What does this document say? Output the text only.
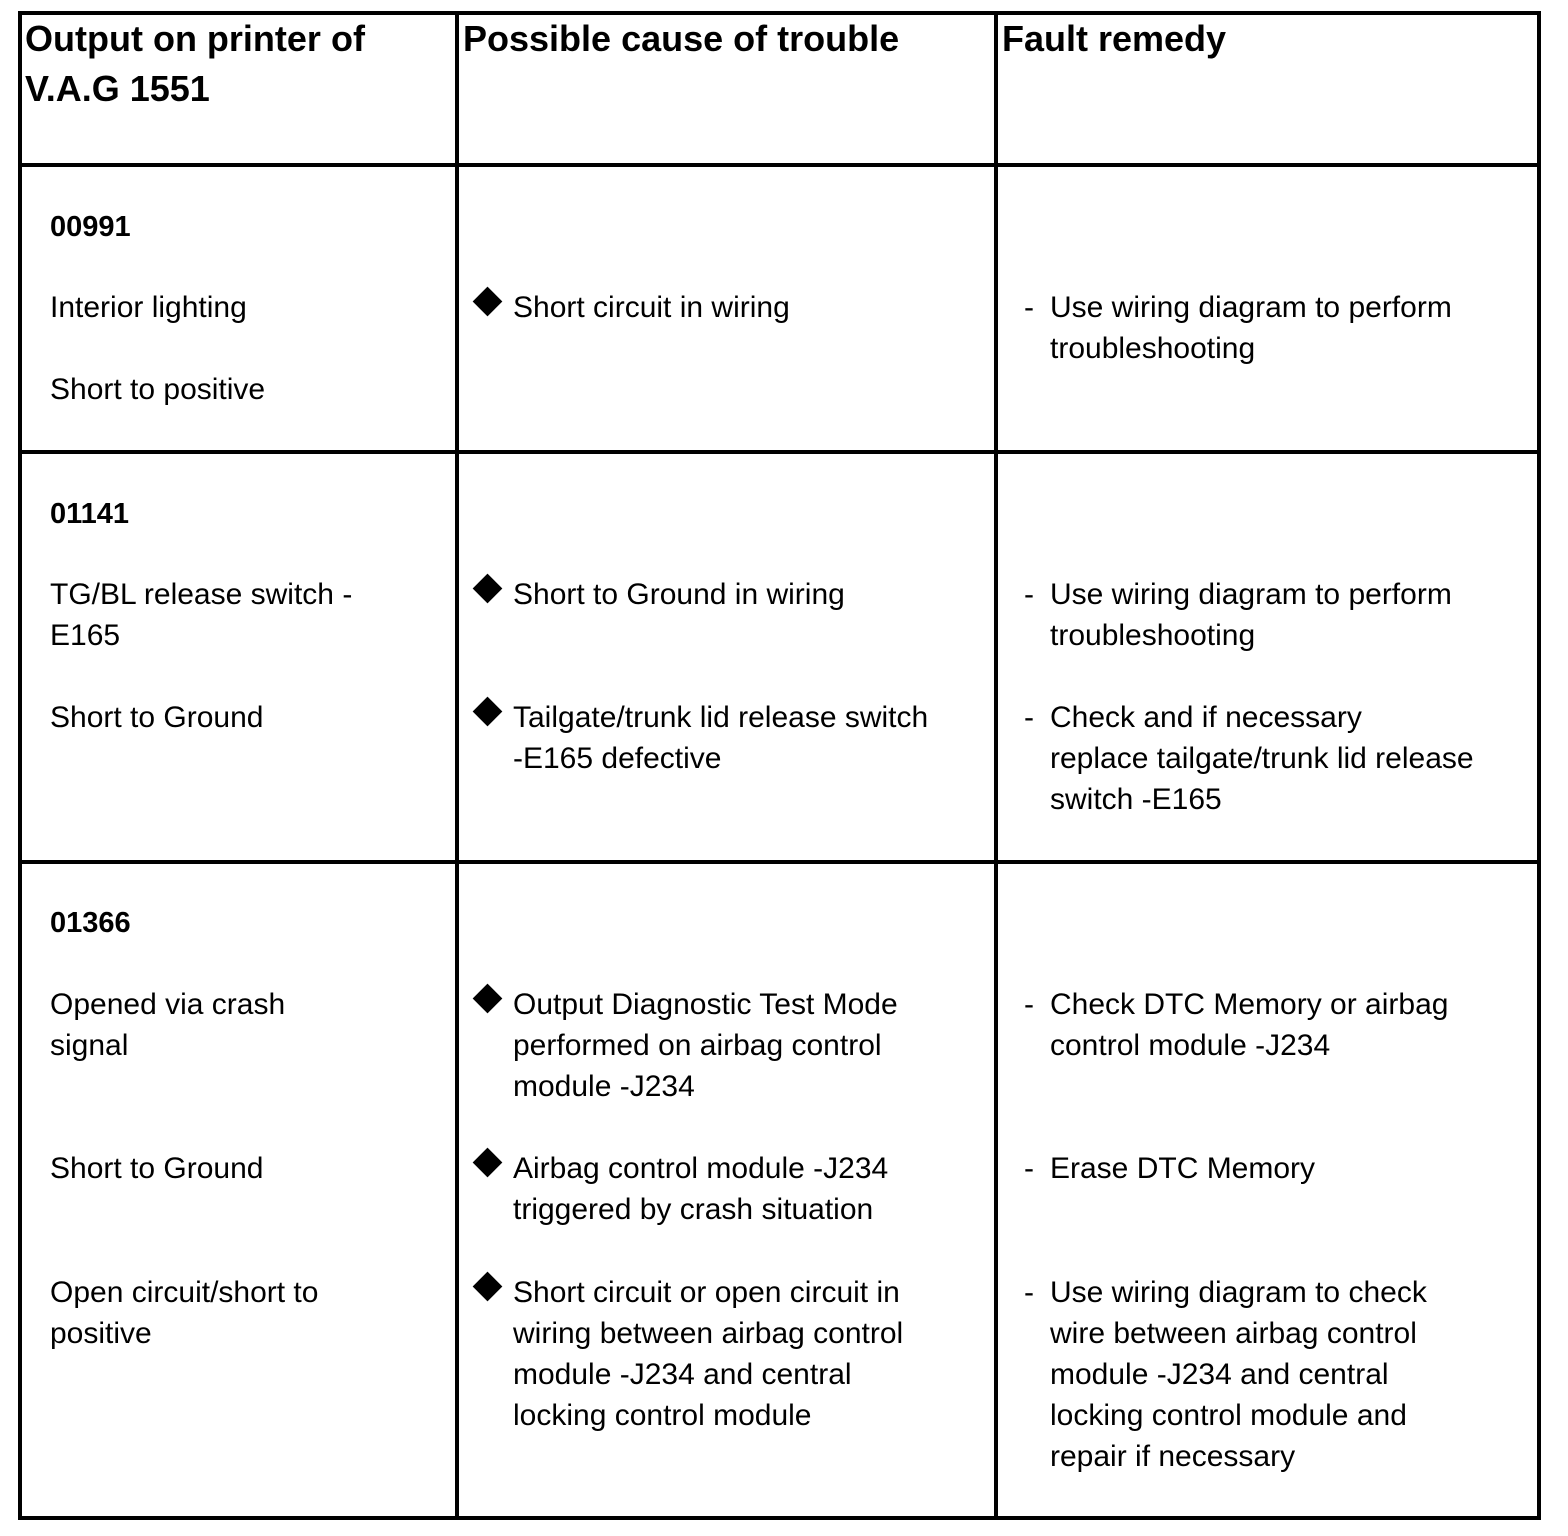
Output on printer of
V.A.G 1551
Possible cause of trouble	Fault remedy
00991
Interior lighting
Short to positive
Short circuit in wiring	- Use wiring diagram to perform
troubleshooting
01141
TG/BL release switch -
E165
Short to Ground
Short to Ground in wiring
Tailgate/trunk lid release switch
-E165 defective
- Use wiring diagram to perform
troubleshooting
- Check and if necessary
replace tailgate/trunk lid release
switch -E165
01366
Opened via crash
signal
Short to Ground
Open circuit/short to
positive
Output Diagnostic Test Mode
performed on airbag control
module -J234
Airbag control module -J234
triggered by crash situation
Short circuit or open circuit in
wiring between airbag control
module -J234 and central
locking control module
- Check DTC Memory or airbag
control module -J234
- Erase DTC Memory
- Use wiring diagram to check
wire between airbag control
module -J234 and central
locking control module and
repair if necessary
